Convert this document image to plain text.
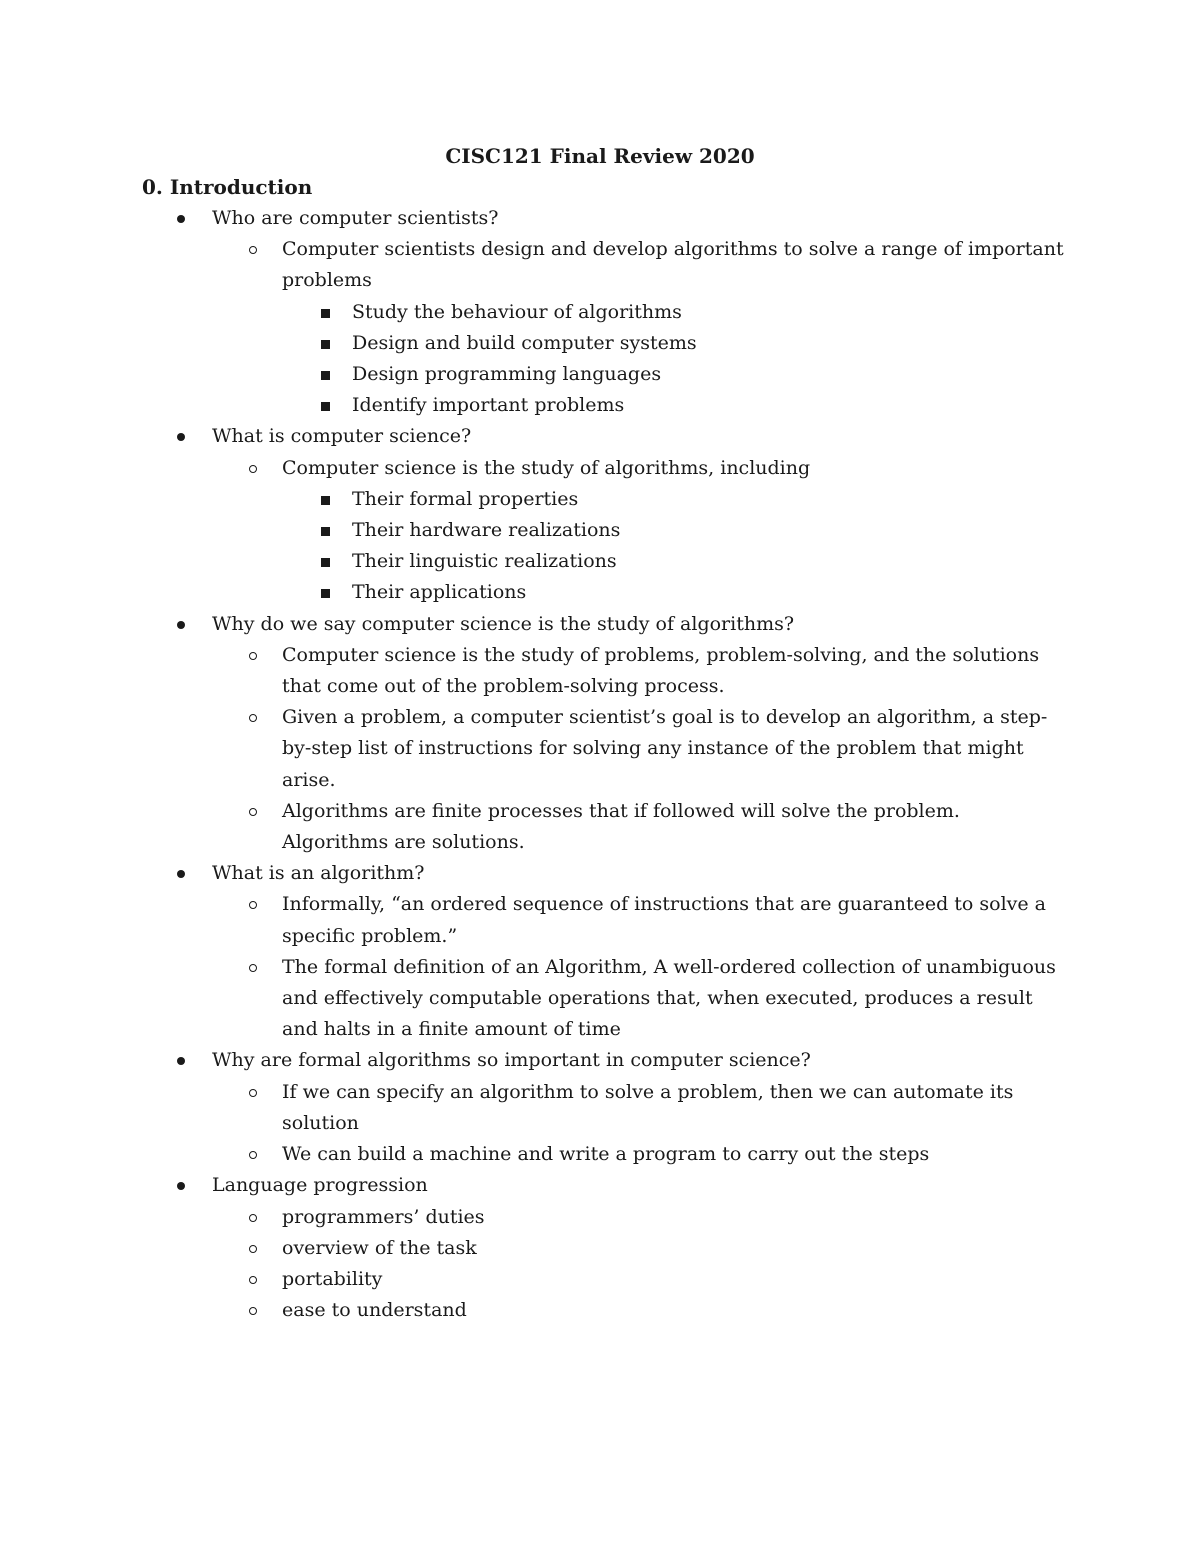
CISC121 Final Review 2020
0. Introduction
Who are computer scientists?
Computer scientists design and develop algorithms to solve a range of important problems
Study the behaviour of algorithms
Design and build computer systems
Design programming languages
Identify important problems
What is computer science?
Computer science is the study of algorithms, including
Their formal properties
Their hardware realizations
Their linguistic realizations
Their applications
Why do we say computer science is the study of algorithms?
Computer science is the study of problems, problem-solving, and the solutions that come out of the problem-solving process.
Given a problem, a computer scientist’s goal is to develop an algorithm, a step-by-step list of instructions for solving any instance of the problem that might arise.
Algorithms are finite processes that if followed will solve the problem. Algorithms are solutions.
What is an algorithm?
Informally, “an ordered sequence of instructions that are guaranteed to solve a specific problem.”
The formal definition of an Algorithm, A well-ordered collection of unambiguous and effectively computable operations that, when executed, produces a result and halts in a finite amount of time
Why are formal algorithms so important in computer science?
If we can specify an algorithm to solve a problem, then we can automate its solution
We can build a machine and write a program to carry out the steps
Language progression
programmers’ duties
overview of the task
portability
ease to understand
